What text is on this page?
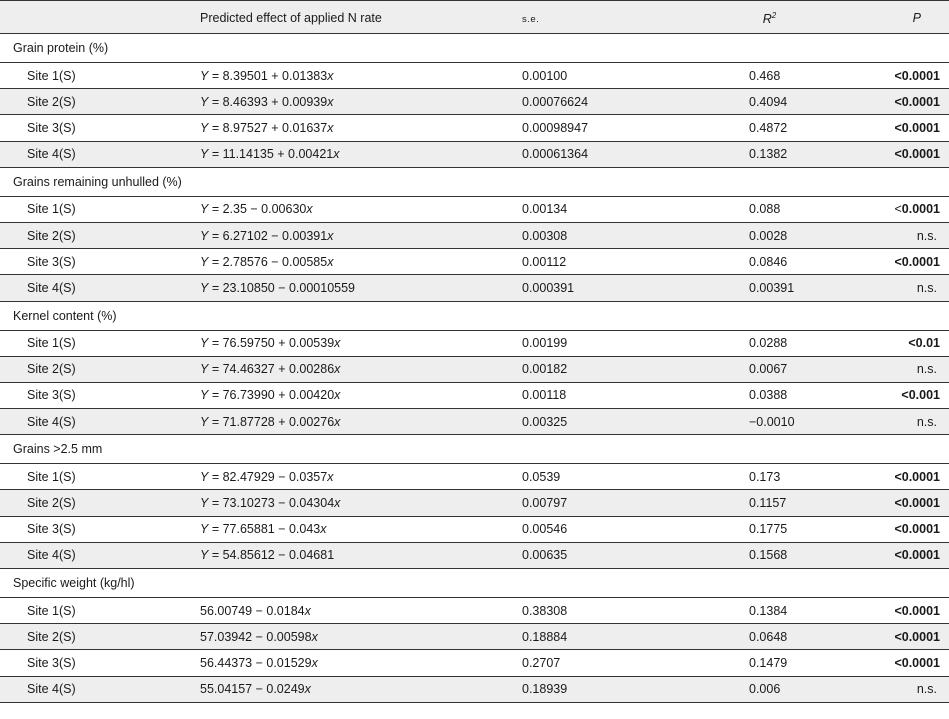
	Predicted effect of applied N rate	s.e.	$R^2$	P
Grain protein (%)				
Site 1(S)	Y = 8.39501 + 0.01383x	0.00100	0.468	<0.0001
Site 2(S)	Y = 8.46393 + 0.00939x	0.00076624	0.4094	<0.0001
Site 3(S)	Y = 8.97527 + 0.01637x	0.00098947	0.4872	<0.0001
Site 4(S)	Y = 11.14135 + 0.00421x	0.00061364	0.1382	<0.0001
Grains remaining unhulled (%)				
Site 1(S)	Y = 2.35 − 0.00630x	0.00134	0.088	<0.0001
Site 2(S)	Y = 6.27102 − 0.00391x	0.00308	0.0028	n.s.
Site 3(S)	Y = 2.78576 − 0.00585x	0.00112	0.0846	<0.0001
Site 4(S)	Y = 23.10850 − 0.00010559	0.000391	0.00391	n.s.
Kernel content (%)				
Site 1(S)	Y = 76.59750 + 0.00539x	0.00199	0.0288	<0.01
Site 2(S)	Y = 74.46327 + 0.00286x	0.00182	0.0067	n.s.
Site 3(S)	Y = 76.73990 + 0.00420x	0.00118	0.0388	<0.001
Site 4(S)	Y = 71.87728 + 0.00276x	0.00325	−0.0010	n.s.
Grains >2.5 mm				
Site 1(S)	Y = 82.47929 − 0.0357x	0.0539	0.173	<0.0001
Site 2(S)	Y = 73.10273 − 0.04304x	0.00797	0.1157	<0.0001
Site 3(S)	Y = 77.65881 − 0.043x	0.00546	0.1775	<0.0001
Site 4(S)	Y = 54.85612 − 0.04681	0.00635	0.1568	<0.0001
Specific weight (kg/hl)				
Site 1(S)	56.00749 − 0.0184x	0.38308	0.1384	<0.0001
Site 2(S)	57.03942 − 0.00598x	0.18884	0.0648	<0.0001
Site 3(S)	56.44373 − 0.01529x	0.2707	0.1479	<0.0001
Site 4(S)	55.04157 − 0.0249x	0.18939	0.006	n.s.
